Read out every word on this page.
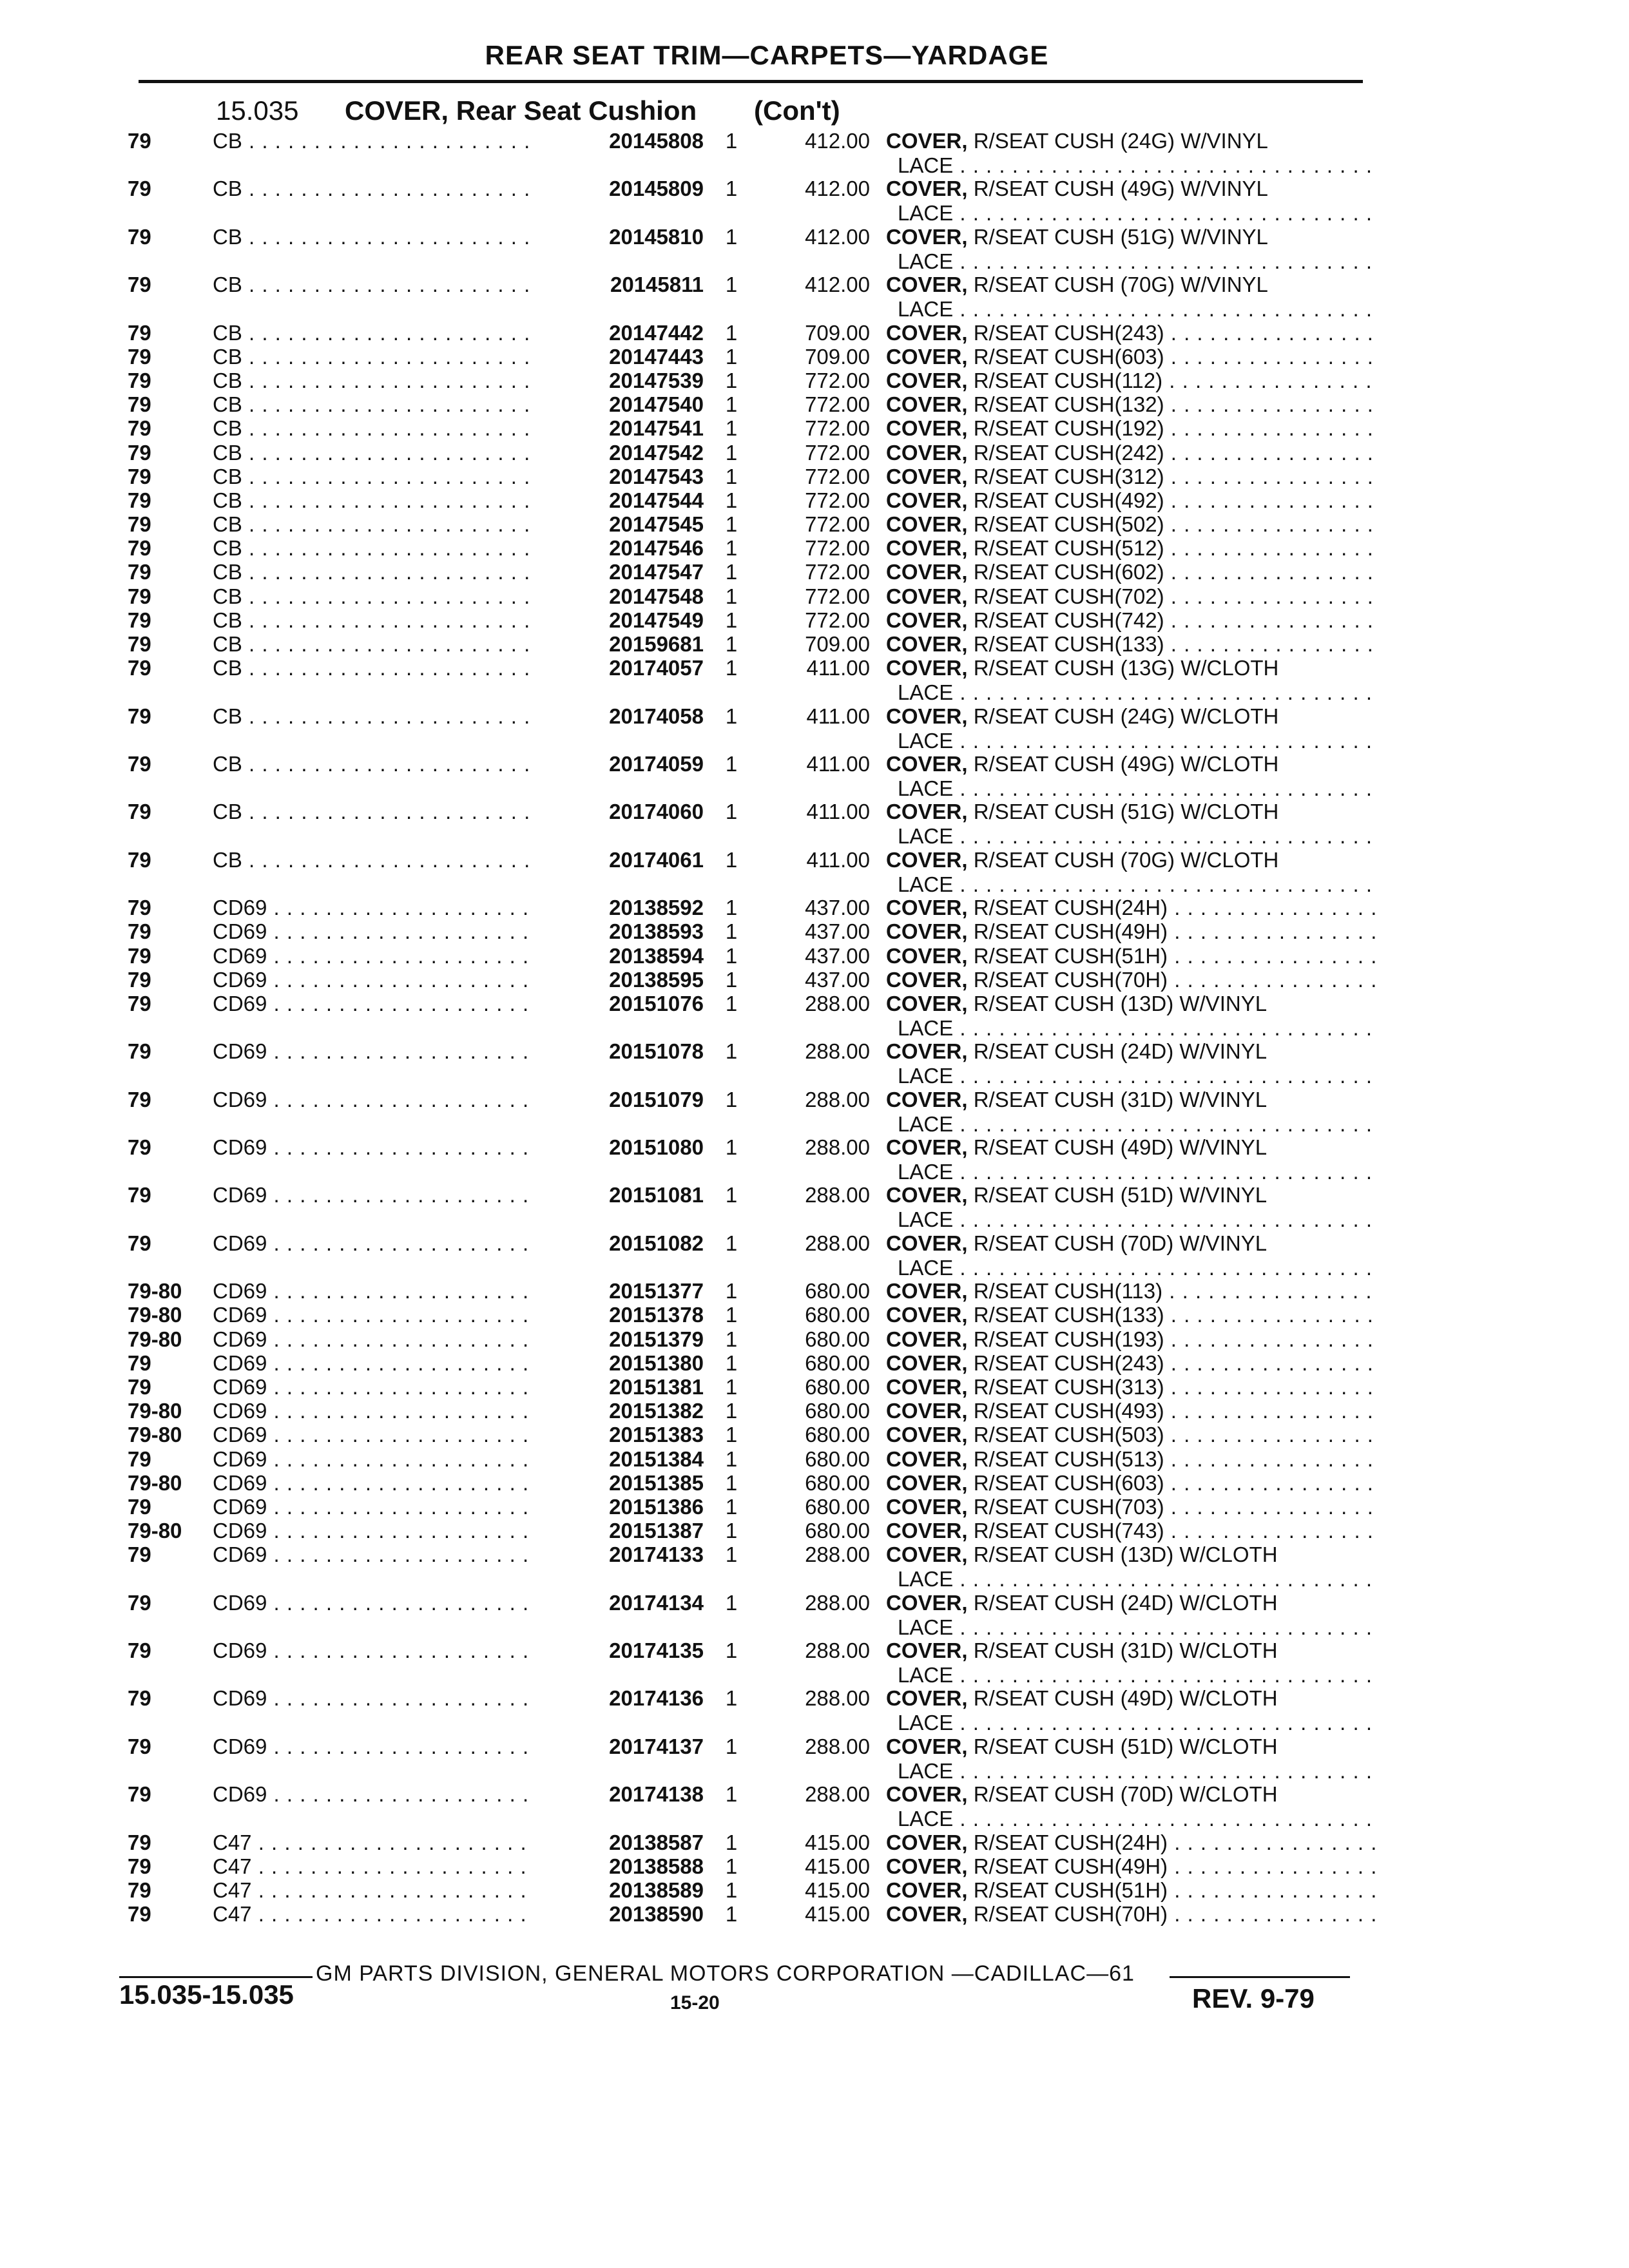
REAR SEAT TRIM—CARPETS—YARDAGE
15.035 COVER, Rear Seat Cushion (Con't)
79	CB . . .	20145808	1	412.00 COVER, R/SEAT CUSH (24G) W/VINYL
LACE . . .
79	CB . . .	20145809	1	412.00 COVER, R/SEAT CUSH (49G) W/VINYL
LACE . . .
79	CB . . .	20145810	1	412.00 COVER, R/SEAT CUSH (51G) W/VINYL
LACE . . .
79	CB . . .	20145811	1	412.00 COVER, R/SEAT CUSH (70G) W/VINYL
LACE . . .
79	CB . . .	20147442	1	709.00 COVER, R/SEAT CUSH(243) . . .
79	CB . . .	20147443	1	709.00 COVER, R/SEAT CUSH(603) . . .
79	CB . . .	20147539	1	772.00 COVER, R/SEAT CUSH(112) . . .
79	CB . . .	20147540	1	772.00 COVER, R/SEAT CUSH(132) . . .
79	CB . . .	20147541	1	772.00 COVER, R/SEAT CUSH(192) . . .
79	CB . . .	20147542	1	772.00 COVER, R/SEAT CUSH(242) . . .
79	CB . . .	20147543	1	772.00 COVER, R/SEAT CUSH(312) . . .
79	CB . . .	20147544	1	772.00 COVER, R/SEAT CUSH(492) . . .
79	CB . . .	20147545	1	772.00 COVER, R/SEAT CUSH(502) . . .
79	CB . . .	20147546	1	772.00 COVER, R/SEAT CUSH(512) . . .
79	CB . . .	20147547	1	772.00 COVER, R/SEAT CUSH(602) . . .
79	CB . . .	20147548	1	772.00 COVER, R/SEAT CUSH(702) . . .
79	CB . . .	20147549	1	772.00 COVER, R/SEAT CUSH(742) . . .
79	CB . . .	20159681	1	709.00 COVER, R/SEAT CUSH(133) . . .
79	CB . . .	20174057	1	411.00 COVER, R/SEAT CUSH (13G) W/CLOTH
LACE . . .
79	CB . . .	20174058	1	411.00 COVER, R/SEAT CUSH (24G) W/CLOTH
LACE . . .
79	CB . . .	20174059	1	411.00 COVER, R/SEAT CUSH (49G) W/CLOTH
LACE . . .
79	CB . . .	20174060	1	411.00 COVER, R/SEAT CUSH (51G) W/CLOTH
LACE . . .
79	CB . . .	20174061	1	411.00 COVER, R/SEAT CUSH (70G) W/CLOTH
LACE . . .
79	CD69 . . .	20138592	1	437.00 COVER, R/SEAT CUSH(24H) . . .
79	CD69 . . .	20138593	1	437.00 COVER, R/SEAT CUSH(49H) . . .
79	CD69 . . .	20138594	1	437.00 COVER, R/SEAT CUSH(51H) . . .
79	CD69 . . .	20138595	1	437.00 COVER, R/SEAT CUSH(70H) . . .
79	CD69 . . .	20151076	1	288.00 COVER, R/SEAT CUSH (13D) W/VINYL
LACE . . .
79	CD69 . . .	20151078	1	288.00 COVER, R/SEAT CUSH (24D) W/VINYL
LACE . . .
79	CD69 . . .	20151079	1	288.00 COVER, R/SEAT CUSH (31D) W/VINYL
LACE . . .
79	CD69 . . .	20151080	1	288.00 COVER, R/SEAT CUSH (49D) W/VINYL
LACE . . .
79	CD69 . . .	20151081	1	288.00 COVER, R/SEAT CUSH (51D) W/VINYL
LACE . . .
79	CD69 . . .	20151082	1	288.00 COVER, R/SEAT CUSH (70D) W/VINYL
LACE . . .
79-80	CD69 . . .	20151377	1	680.00 COVER, R/SEAT CUSH(113) . . .
79-80	CD69 . . .	20151378	1	680.00 COVER, R/SEAT CUSH(133) . . .
79-80	CD69 . . .	20151379	1	680.00 COVER, R/SEAT CUSH(193) . . .
79	CD69 . . .	20151380	1	680.00 COVER, R/SEAT CUSH(243) . . .
79	CD69 . . .	20151381	1	680.00 COVER, R/SEAT CUSH(313) . . .
79-80	CD69 . . .	20151382	1	680.00 COVER, R/SEAT CUSH(493) . . .
79-80	CD69 . . .	20151383	1	680.00 COVER, R/SEAT CUSH(503) . . .
79	CD69 . . .	20151384	1	680.00 COVER, R/SEAT CUSH(513) . . .
79-80	CD69 . . .	20151385	1	680.00 COVER, R/SEAT CUSH(603) . . .
79	CD69 . . .	20151386	1	680.00 COVER, R/SEAT CUSH(703) . . .
79-80	CD69 . . .	20151387	1	680.00 COVER, R/SEAT CUSH(743) . . .
79	CD69 . . .	20174133	1	288.00 COVER, R/SEAT CUSH (13D) W/CLOTH
LACE . . .
79	CD69 . . .	20174134	1	288.00 COVER, R/SEAT CUSH (24D) W/CLOTH
LACE . . .
79	CD69 . . .	20174135	1	288.00 COVER, R/SEAT CUSH (31D) W/CLOTH
LACE . . .
79	CD69 . . .	20174136	1	288.00 COVER, R/SEAT CUSH (49D) W/CLOTH
LACE . . .
79	CD69 . . .	20174137	1	288.00 COVER, R/SEAT CUSH (51D) W/CLOTH
LACE . . .
79	CD69 . . .	20174138	1	288.00 COVER, R/SEAT CUSH (70D) W/CLOTH
LACE . . .
79	C47 . . .	20138587	1	415.00 COVER, R/SEAT CUSH(24H) . . .
79	C47 . . .	20138588	1	415.00 COVER, R/SEAT CUSH(49H) . . .
79	C47 . . .	20138589	1	415.00 COVER, R/SEAT CUSH(51H) . . .
79	C47 . . .	20138590	1	415.00 COVER, R/SEAT CUSH(70H) . . .
GM PARTS DIVISION, GENERAL MOTORS CORPORATION —CADILLAC—61
15.035-15.035	15-20	REV. 9-79
